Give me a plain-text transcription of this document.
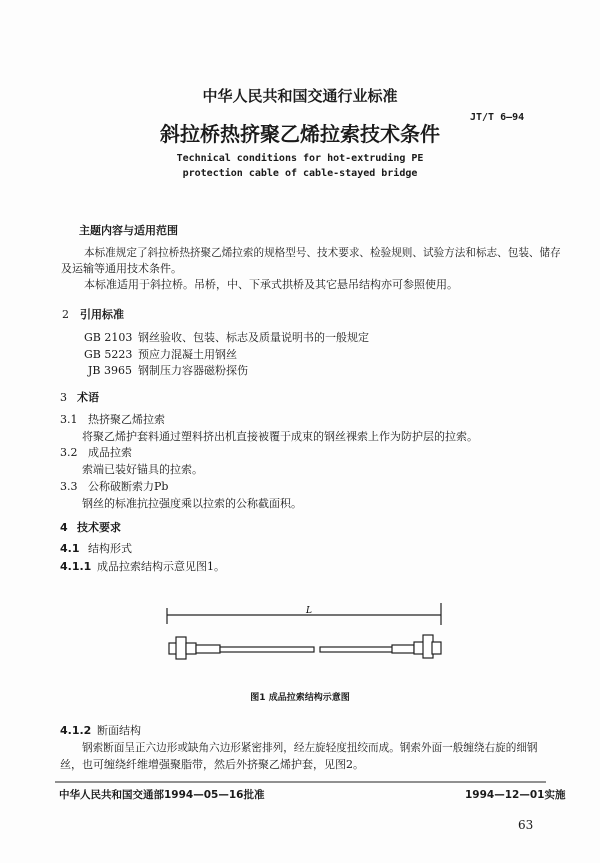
中华人民共和国交通行业标准
JT/T 6—94
斜拉桥热挤聚乙烯拉索技术条件
Technical conditions for hot-extruding PE
protection cable of cable-stayed bridge
主题内容与适用范围
本标准规定了斜拉桥热挤聚乙烯拉索的规格型号、技术要求、检验规则、试验方法和标志、包装、储存
及运输等通用技术条件。
本标准适用于斜拉桥。吊桥，中、下承式拱桥及其它悬吊结构亦可参照使用。
2 引用标准
GB 2103 钢丝验收、包装、标志及质量说明书的一般规定
GB 5223 预应力混凝土用钢丝
JB 3965 钢制压力容器磁粉探伤
3 术语
3.1 热挤聚乙烯拉索
将聚乙烯护套料通过塑料挤出机直接被覆于成束的钢丝裸索上作为防护层的拉索。
3.2 成品拉索
索端已装好锚具的拉索。
3.3 公称破断索力Pb
钢丝的标准抗拉强度乘以拉索的公称截面积。
4 技术要求
4.1 结构形式
4.1.1 成品拉索结构示意见图1。
L
图1 成品拉索结构示意图
4.1.2 断面结构
钢索断面呈正六边形或缺角六边形紧密排列，经左旋轻度扭绞而成。钢索外面一般缠绕右旋的细钢
丝，也可缠绕纤维增强聚脂带，然后外挤聚乙烯护套，见图2。
中华人民共和国交通部1994—05—16批准	1994—12—01实施
63
